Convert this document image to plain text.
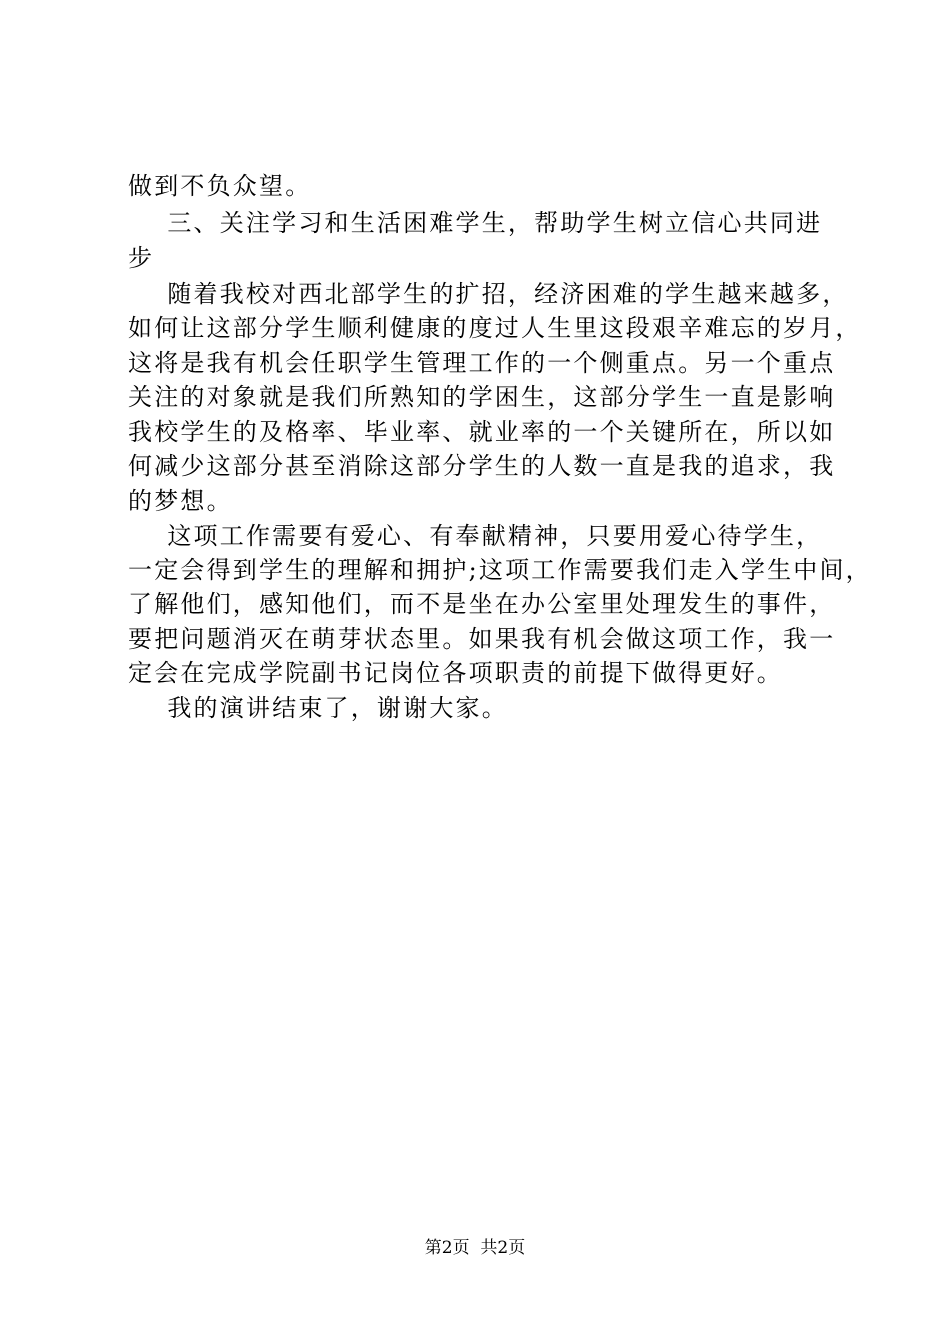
做到不负众望。
三、关注学习和生活困难学生，帮助学生树立信心共同进
步
随着我校对西北部学生的扩招，经济困难的学生越来越多，
如何让这部分学生顺利健康的度过人生里这段艰辛难忘的岁月，
这将是我有机会任职学生管理工作的一个侧重点。另一个重点
关注的对象就是我们所熟知的学困生，这部分学生一直是影响
我校学生的及格率、毕业率、就业率的一个关键所在，所以如
何减少这部分甚至消除这部分学生的人数一直是我的追求，我
的梦想。
这项工作需要有爱心、有奉献精神，只要用爱心待学生，
一定会得到学生的理解和拥护;这项工作需要我们走入学生中间，
了解他们，感知他们，而不是坐在办公室里处理发生的事件，
要把问题消灭在萌芽状态里。如果我有机会做这项工作，我一
定会在完成学院副书记岗位各项职责的前提下做得更好。
我的演讲结束了，谢谢大家。
第2页  共2页
